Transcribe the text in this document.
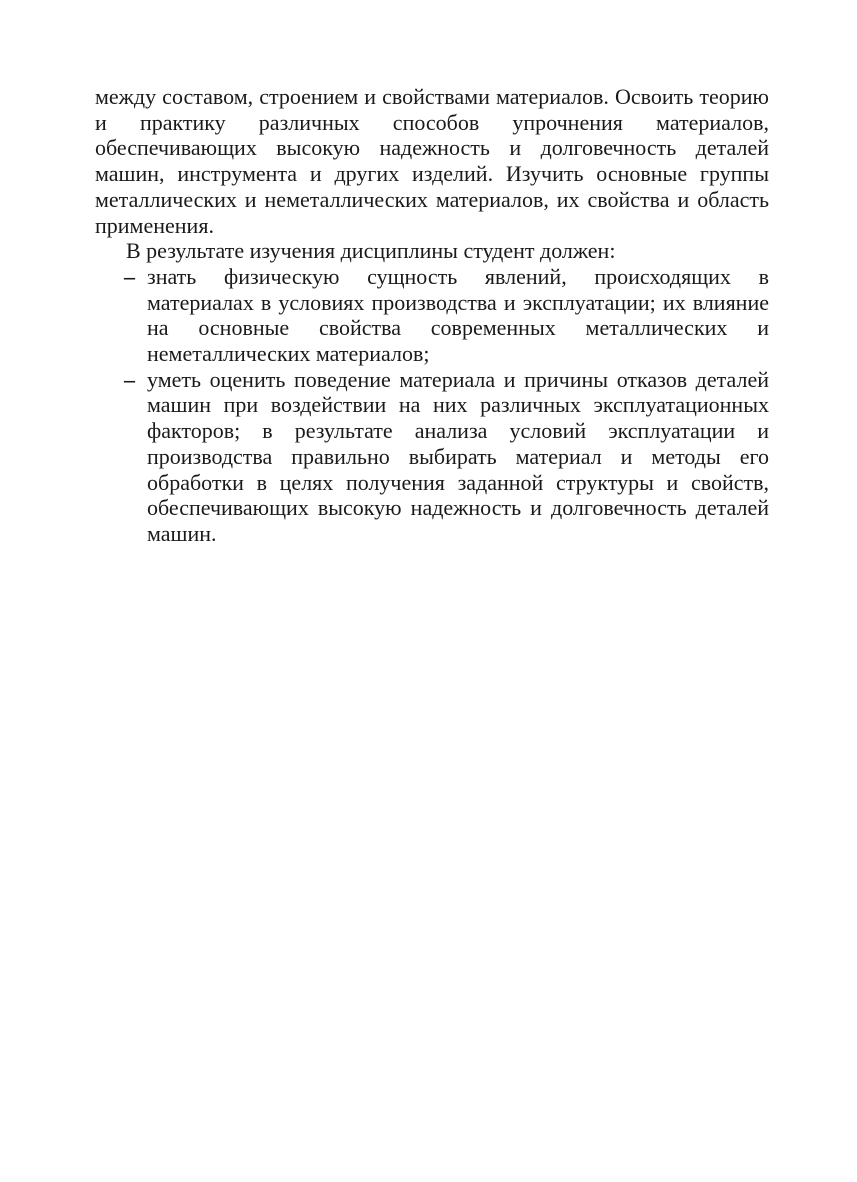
между составом, строением и свойствами материалов. Освоить теорию и практику различных способов упрочнения материалов, обеспечивающих высокую надежность и долговечность деталей машин, инструмента и других изделий. Изучить основные группы металлических и неметаллических материалов, их свойства и область применения.

В результате изучения дисциплины студент должен:

– знать физическую сущность явлений, происходящих в материалах в условиях производства и эксплуатации; их влияние на основные свойства современных металлических и неметаллических материалов;
– уметь оценить поведение материала и причины отказов деталей машин при воздействии на них различных эксплуатационных факторов; в результате анализа условий эксплуатации и производства правильно выбирать материал и методы его обработки в целях получения заданной структуры и свойств, обеспечивающих высокую надежность и долговечность деталей машин.
